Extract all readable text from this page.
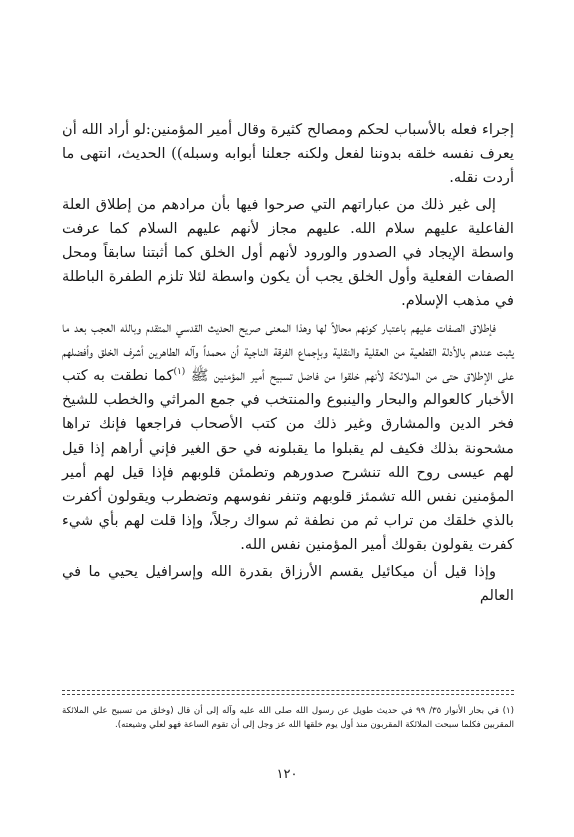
إجراء فعله بالأسباب لحكم ومصالح كثيرة وقال أمير المؤمنين:لو أراد الله أن يعرف نفسه خلقه بدوننا لفعل ولكنه جعلنا أبوابه وسبله)) الحديث، انتهى ما أردت نقله.

إلى غير ذلك من عباراتهم التي صرحوا فيها بأن مرادهم من إطلاق العلة الفاعلية عليهم سلام الله. عليهم مجاز لأنهم عليهم السلام كما عرفت واسطة الإيجاد في الصدور والورود لأنهم أول الخلق كما أثبتنا سابقاً ومحل الصفات الفعلية وأول الخلق يجب أن يكون واسطة لئلا تلزم الطفرة الباطلة في مذهب الإسلام.

فإطلاق الصفات عليهم باعتبار كونهم محالاً لها وهذا المعنى صريح الحديث القدسي المتقدم وبالله العجب بعد ما يثبت عندهم بالأدلة القطعية من العقلية والنقلية وبإجماع الفرقة الناجية أن محمداً وآله الطاهرين أشرف الخلق وأفضلهم على الإطلاق حتى من الملائكة لأنهم خلقوا من فاضل تسبيح أمير المؤمنين ﷺ $^{(١)}$كما نطقت به كتب الأخبار كالعوالم والبحار والينبوع والمنتخب في جمع المراثي والخطب للشيخ فخر الدين والمشارق وغير ذلك من كتب الأصحاب فراجعها فإنك تراها مشحونة بذلك فكيف لم يقبلوا ما يقبلونه في حق الغير فإني أراهم إذا قيل لهم عيسى روح الله تنشرح صدورهم وتطمئن قلوبهم فإذا قيل لهم أمير المؤمنين نفس الله تشمئز قلوبهم وتنفر نفوسهم وتضطرب ويقولون أكفرت بالذي خلقك من تراب ثم من نطفة ثم سواك رجلاً، وإذا قلت لهم بأي شيء كفرت يقولون بقولك أمير المؤمنين نفس الله.

وإذا قيل أن ميكائيل يقسم الأرزاق بقدرة الله وإسرافيل يحيي ما في العالم

(١) في بحار الأنوار ٣٥/ ٩٩ في حديث طويل عن رسول الله صلى الله عليه وآله إلى أن قال (وخلق من تسبيح علي الملائكة المقربين فكلما سبحت الملائكة المقربون منذ أول يوم خلقها الله عز وجل إلى أن تقوم الساعة فهو لعلي وشيعته).
١٢٠
